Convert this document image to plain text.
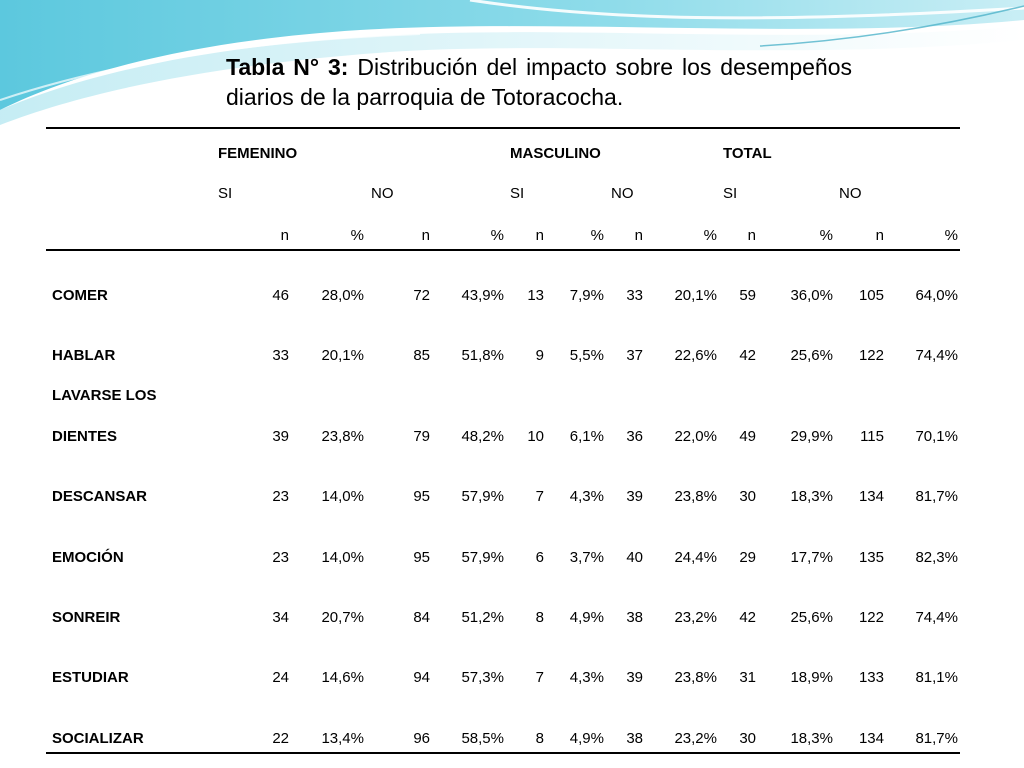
Tabla N° 3: Distribución del impacto sobre los desempeños diarios de la parroquia de Totoracocha.
FEMENINO	MASCULINO	TOTAL
SI	NO	SI	NO	SI	NO
n	%	n	%	n	%	n	%	n	%	n	%
COMER	46	28,0%	72	43,9%	13	7,9%	33	20,1%	59	36,0%	105	64,0%
HABLAR	33	20,1%	85	51,8%	9	5,5%	37	22,6%	42	25,6%	122	74,4%
LAVARSE LOS
DIENTES	39	23,8%	79	48,2%	10	6,1%	36	22,0%	49	29,9%	115	70,1%
DESCANSAR	23	14,0%	95	57,9%	7	4,3%	39	23,8%	30	18,3%	134	81,7%
EMOCIÓN	23	14,0%	95	57,9%	6	3,7%	40	24,4%	29	17,7%	135	82,3%
SONREIR	34	20,7%	84	51,2%	8	4,9%	38	23,2%	42	25,6%	122	74,4%
ESTUDIAR	24	14,6%	94	57,3%	7	4,3%	39	23,8%	31	18,9%	133	81,1%
SOCIALIZAR	22	13,4%	96	58,5%	8	4,9%	38	23,2%	30	18,3%	134	81,7%
